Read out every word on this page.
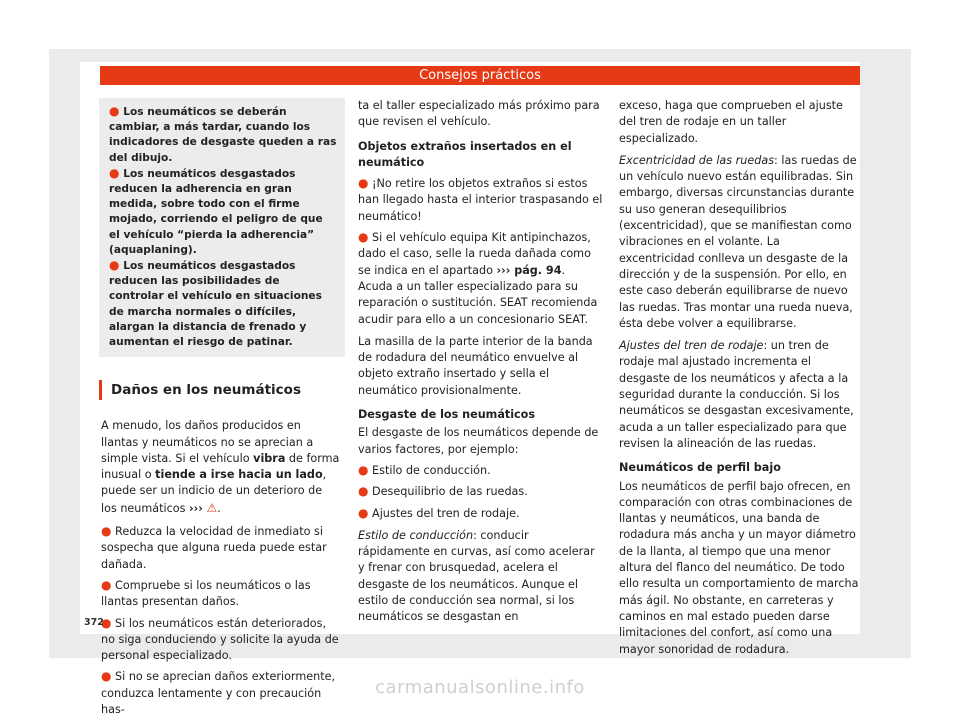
Consejos prácticos

● Los neumáticos se deberán cambiar, a más tardar, cuando los indicadores de desgaste queden a ras del dibujo.

● Los neumáticos desgastados reducen la adherencia en gran medida, sobre todo con el firme mojado, corriendo el peligro de que el vehículo “pierda la adherencia” (aquaplaning).

● Los neumáticos desgastados reducen las posibilidades de controlar el vehículo en situaciones de marcha normales o difíciles, alargan la distancia de frenado y aumentan el riesgo de patinar.

Daños en los neumáticos

A menudo, los daños producidos en llantas y neumáticos no se aprecian a simple vista. Si el vehículo vibra de forma inusual o tiende a irse hacia un lado, puede ser un indicio de un deterioro de los neumáticos ››› ⚠.

● Reduzca la velocidad de inmediato si sospecha que alguna rueda puede estar dañada.

● Compruebe si los neumáticos o las llantas presentan daños.

● Si los neumáticos están deteriorados, no siga conduciendo y solicite la ayuda de personal especializado.

● Si no se aprecian daños exteriormente, conduzca lentamente y con precaución has-

ta el taller especializado más próximo para que revisen el vehículo.

Objetos extraños insertados en el neumático

● ¡No retire los objetos extraños si estos han llegado hasta el interior traspasando el neumático!

● Si el vehículo equipa Kit antipinchazos, dado el caso, selle la rueda dañada como se indica en el apartado ››› pág. 94. Acuda a un taller especializado para su reparación o sustitución. SEAT recomienda acudir para ello a un concesionario SEAT.

La masilla de la parte interior de la banda de rodadura del neumático envuelve al objeto extraño insertado y sella el neumático provisionalmente.

Desgaste de los neumáticos

El desgaste de los neumáticos depende de varios factores, por ejemplo:

● Estilo de conducción.

● Desequilibrio de las ruedas.

● Ajustes del tren de rodaje.

Estilo de conducción: conducir rápidamente en curvas, así como acelerar y frenar con brusquedad, acelera el desgaste de los neumáticos. Aunque el estilo de conducción sea normal, si los neumáticos se desgastan en

exceso, haga que comprueben el ajuste del tren de rodaje en un taller especializado.

Excentricidad de las ruedas: las ruedas de un vehículo nuevo están equilibradas. Sin embargo, diversas circunstancias durante su uso generan desequilibrios (excentricidad), que se manifiestan como vibraciones en el volante. La excentricidad conlleva un desgaste de la dirección y de la suspensión. Por ello, en este caso deberán equilibrarse de nuevo las ruedas. Tras montar una rueda nueva, ésta debe volver a equilibrarse.

Ajustes del tren de rodaje: un tren de rodaje mal ajustado incrementa el desgaste de los neumáticos y afecta a la seguridad durante la conducción. Si los neumáticos se desgastan excesivamente, acuda a un taller especializado para que revisen la alineación de las ruedas.

Neumáticos de perfil bajo

Los neumáticos de perfil bajo ofrecen, en comparación con otras combinaciones de llantas y neumáticos, una banda de rodadura más ancha y un mayor diámetro de la llanta, al tiempo que una menor altura del flanco del neumático. De todo ello resulta un comportamiento de marcha más ágil. No obstante, en carreteras y caminos en mal estado pueden darse limitaciones del confort, así como una mayor sonoridad de rodadura.

372
carmanualsonline.info
